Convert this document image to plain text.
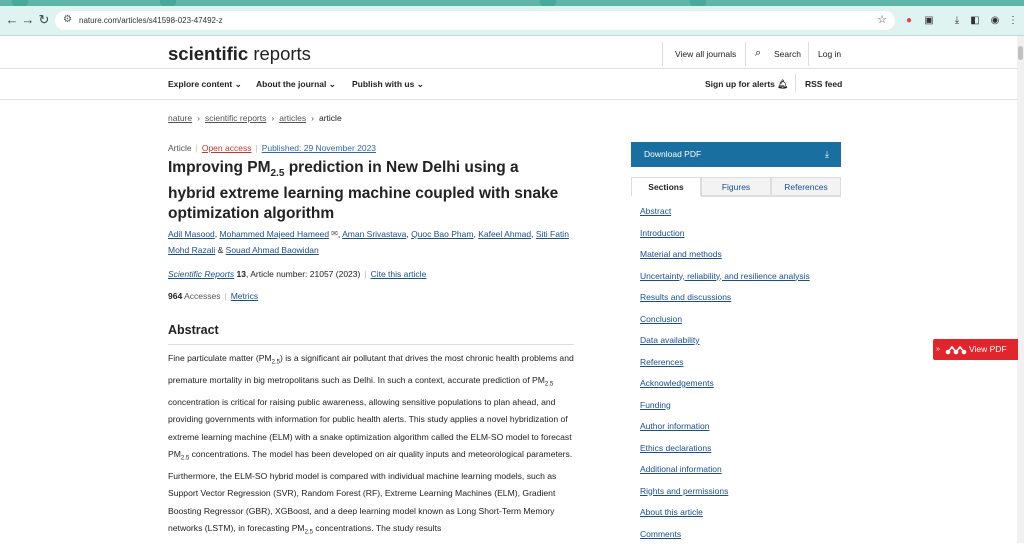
← → ↻ ⚙ nature.com/articles/s41598-023-47492-z	☆	●	▣	⤓	◧ ◉ ⋮
scientific reports	View all journals ⌕ Search Log in
Explore content ⌄ About the journal ⌄ Publish with us ⌄	Sign up for alerts 🔔︎ RSS feed
nature › scientific reports › articles › article
Article | Open access | Published: 29 November 2023
Improving $PM_{2.5}$ prediction in New Delhi using a hybrid extreme learning machine coupled with snake optimization algorithm
Adil Masood, Mohammed Majeed Hameed ✉, Aman Srivastava, Quoc Bao Pham, Kafeel Ahmad, Siti Fatin Mohd Razali & Souad Ahmad Baowidan
Scientific Reports 13, Article number: 21057 (2023) | Cite this article
964 Accesses | Metrics
Abstract

Fine particulate matter $(PM_{2.5})$ is a significant air pollutant that drives the most chronic health problems and premature mortality in big metropolitans such as Delhi. In such a context, accurate prediction of $PM_{2.5}$ concentration is critical for raising public awareness, allowing sensitive populations to plan ahead, and providing governments with information for public health alerts. This study applies a novel hybridization of extreme learning machine (ELM) with a snake optimization algorithm called the ELM-SO model to forecast $PM_{2.5}$ concentrations. The model has been developed on air quality inputs and meteorological parameters. Furthermore, the ELM-SO hybrid model is compared with individual machine learning models, such as Support Vector Regression (SVR), Random Forest (RF), Extreme Learning Machines (ELM), Gradient Boosting Regressor (GBR), XGBoost, and a deep learning model known as Long Short-Term Memory networks (LSTM), in forecasting $PM_{2.5}$ concentrations. The study results

Download PDF	⤓
Sections	Figures	References
Abstract
Introduction
Material and methods
Uncertainty, reliability, and resilience analysis
Results and discussions
Conclusion
Data availability
References
Acknowledgements
Funding
Author information
Ethics declarations
Additional information
Rights and permissions
About this article
Comments
»	View PDF
